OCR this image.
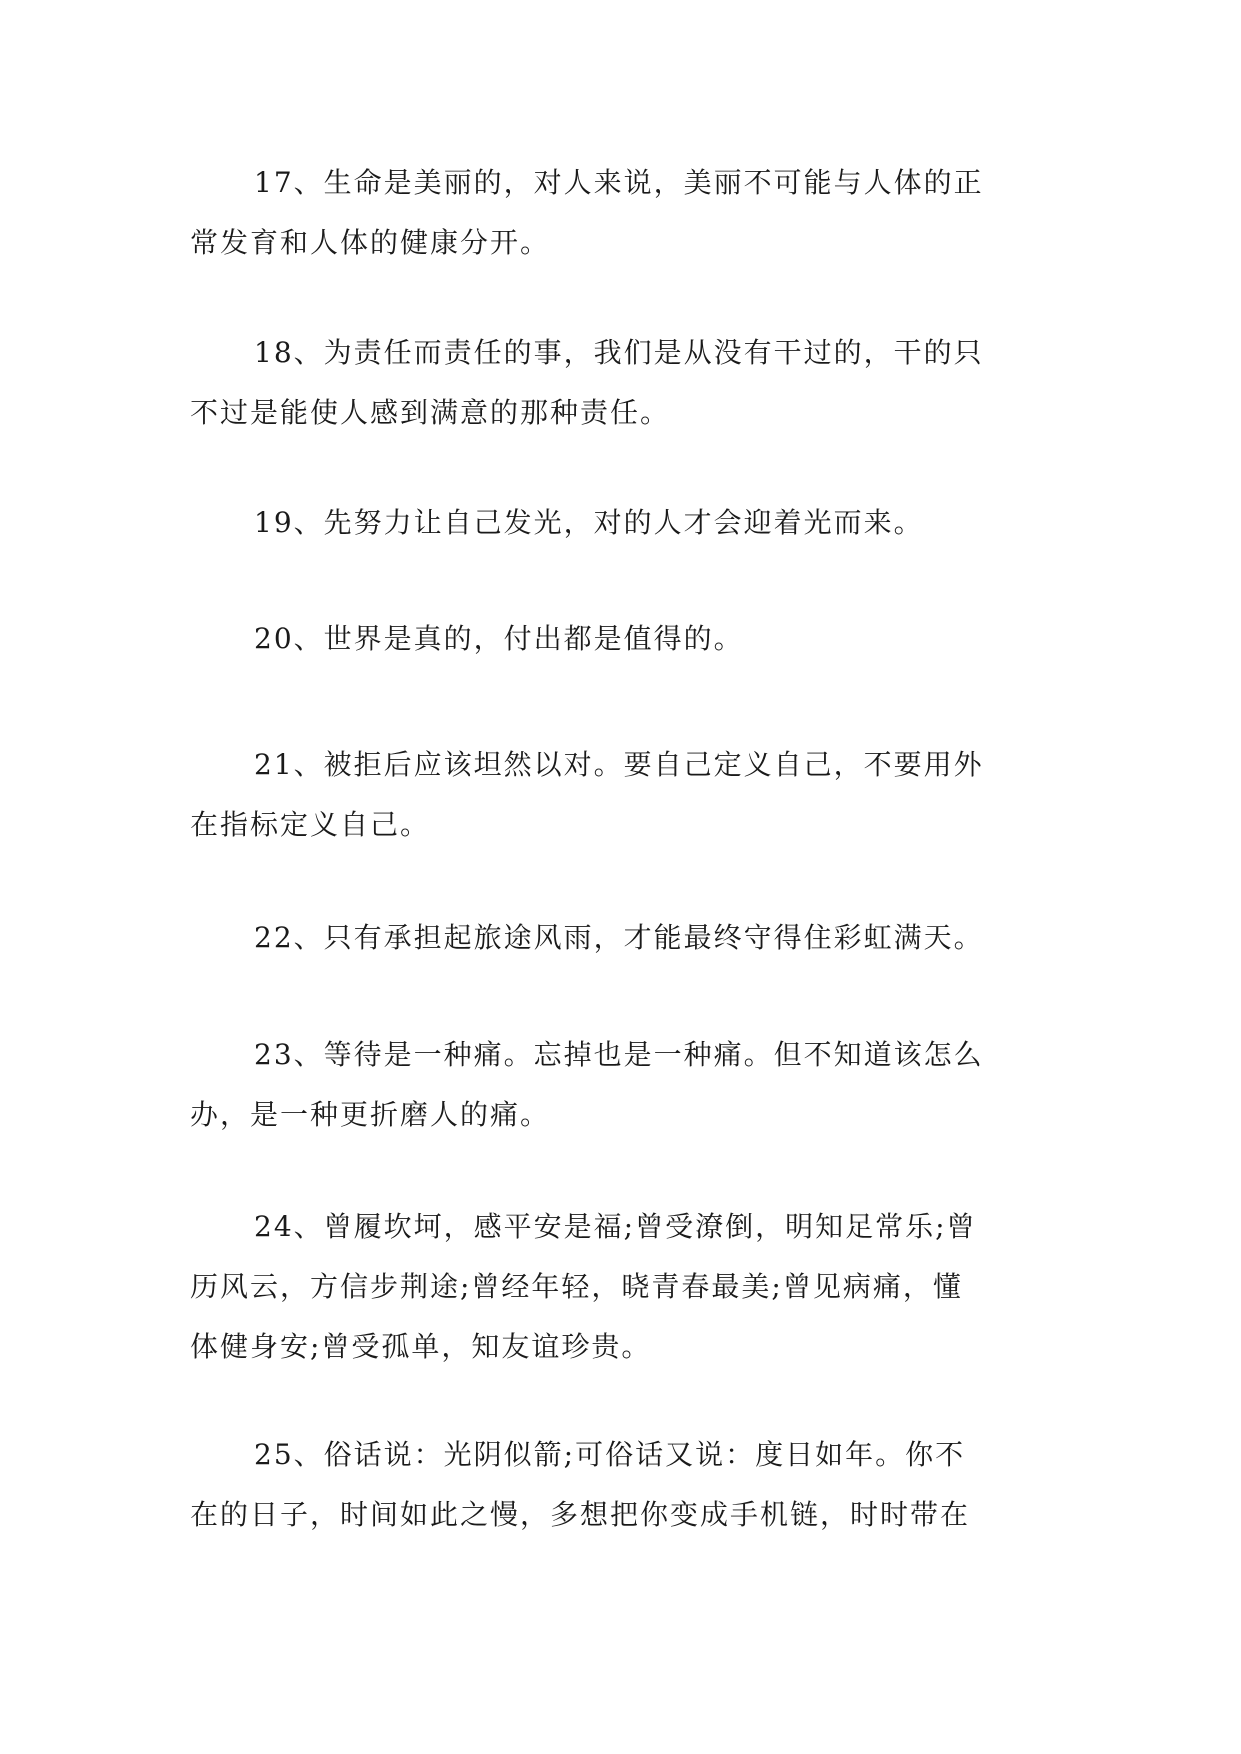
17、生命是美丽的，对人来说，美丽不可能与人体的正
常发育和人体的健康分开。

18、为责任而责任的事，我们是从没有干过的，干的只
不过是能使人感到满意的那种责任。

19、先努力让自己发光，对的人才会迎着光而来。

20、世界是真的，付出都是值得的。

21、被拒后应该坦然以对。要自己定义自己，不要用外
在指标定义自己。

22、只有承担起旅途风雨，才能最终守得住彩虹满天。

23、等待是一种痛。忘掉也是一种痛。但不知道该怎么
办，是一种更折磨人的痛。

24、曾履坎坷，感平安是福;曾受潦倒，明知足常乐;曾
历风云，方信步荆途;曾经年轻，晓青春最美;曾见病痛，懂
体健身安;曾受孤单，知友谊珍贵。

25、俗话说：光阴似箭;可俗话又说：度日如年。你不
在的日子，时间如此之慢，多想把你变成手机链，时时带在
